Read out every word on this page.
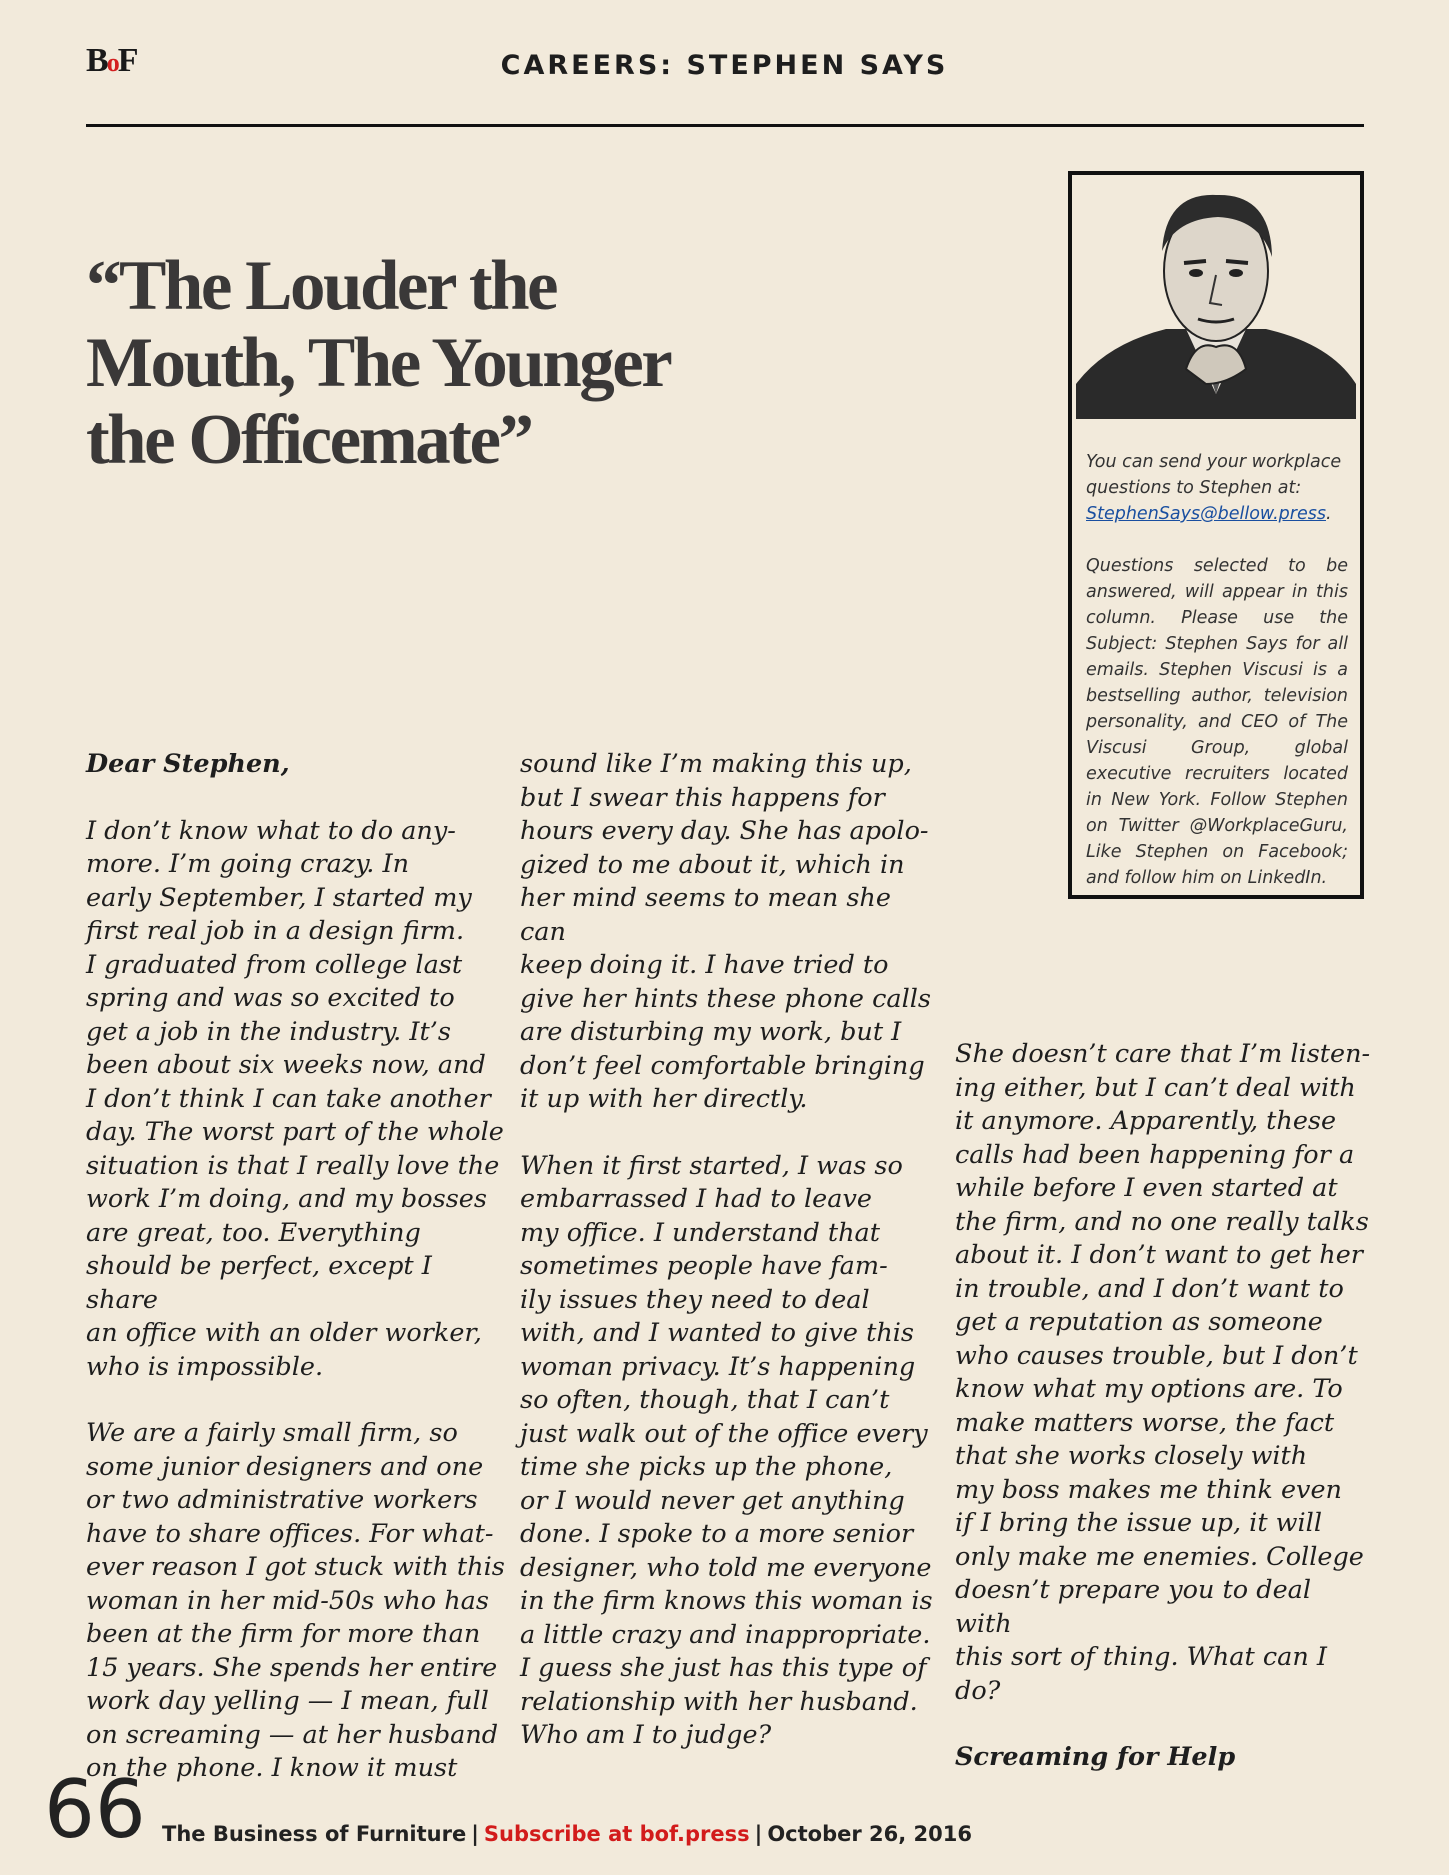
BoF	CAREERS: STEPHEN SAYS
“The Louder the Mouth, The Younger the Officemate”	You can send your workplace questions to Stephen at: StephenSays@bellow.press.

Questions selected to be answered, will appear in this column. Please use the Subject: Stephen Says for all emails. Stephen Viscusi is a bestselling author, television personality, and CEO of The Viscusi Group, global executive recruiters located in New York. Follow Stephen on Twitter @WorkplaceGuru, Like Stephen on Facebook; and follow him on LinkedIn.

Dear Stephen,

I don’t know what to do any-
more. I’m going crazy. In
early September, I started my
first real job in a design firm.
I graduated from college last
spring and was so excited to
get a job in the industry. It’s
been about six weeks now, and
I don’t think I can take another
day. The worst part of the whole
situation is that I really love the
work I’m doing, and my bosses
are great, too. Everything
should be perfect, except I share
an office with an older worker,
who is impossible.

We are a fairly small firm, so
some junior designers and one
or two administrative workers
have to share offices. For what-
ever reason I got stuck with this
woman in her mid-50s who has
been at the firm for more than
15 years. She spends her entire
work day yelling — I mean, full
on screaming — at her husband
on the phone. I know it must

sound like I’m making this up,
but I swear this happens for
hours every day. She has apolo-
gized to me about it, which in
her mind seems to mean she can
keep doing it. I have tried to
give her hints these phone calls
are disturbing my work, but I
don’t feel comfortable bringing
it up with her directly.

When it first started, I was so
embarrassed I had to leave
my office. I understand that
sometimes people have fam-
ily issues they need to deal
with, and I wanted to give this
woman privacy. It’s happening
so often, though, that I can’t
just walk out of the office every
time she picks up the phone,
or I would never get anything
done. I spoke to a more senior
designer, who told me everyone
in the firm knows this woman is
a little crazy and inappropriate.
I guess she just has this type of
relationship with her husband.
Who am I to judge?

She doesn’t care that I’m listen-
ing either, but I can’t deal with
it anymore. Apparently, these
calls had been happening for a
while before I even started at
the firm, and no one really talks
about it. I don’t want to get her
in trouble, and I don’t want to
get a reputation as someone
who causes trouble, but I don’t
know what my options are. To
make matters worse, the fact
that she works closely with
my boss makes me think even
if I bring the issue up, it will
only make me enemies. College
doesn’t prepare you to deal with
this sort of thing. What can I
do?

Screaming for Help

66 The Business of Furniture | Subscribe at bof.press | October 26, 2016
